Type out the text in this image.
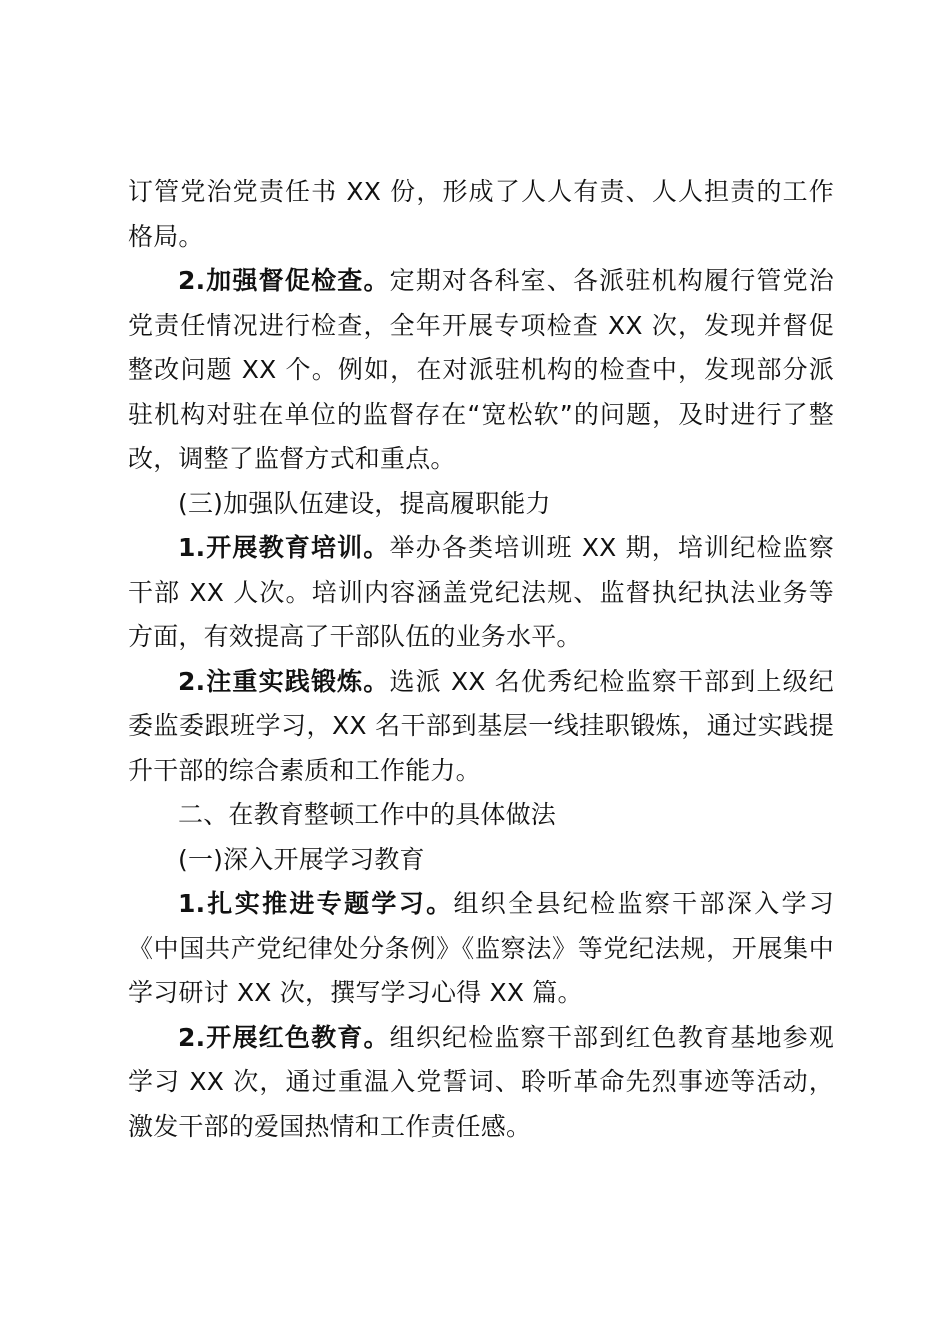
订管党治党责任书 XX 份，形成了人人有责、人人担责的工作格局。

2.加强督促检查。定期对各科室、各派驻机构履行管党治党责任情况进行检查，全年开展专项检查 XX 次，发现并督促整改问题 XX 个。例如，在对派驻机构的检查中，发现部分派驻机构对驻在单位的监督存在“宽松软”的问题，及时进行了整改，调整了监督方式和重点。

(三)加强队伍建设，提高履职能力

1.开展教育培训。举办各类培训班 XX 期，培训纪检监察干部 XX 人次。培训内容涵盖党纪法规、监督执纪执法业务等方面，有效提高了干部队伍的业务水平。

2.注重实践锻炼。选派 XX 名优秀纪检监察干部到上级纪委监委跟班学习，XX 名干部到基层一线挂职锻炼，通过实践提升干部的综合素质和工作能力。

二、在教育整顿工作中的具体做法

(一)深入开展学习教育

1.扎实推进专题学习。组织全县纪检监察干部深入学习《中国共产党纪律处分条例》《监察法》等党纪法规，开展集中学习研讨 XX 次，撰写学习心得 XX 篇。

2.开展红色教育。组织纪检监察干部到红色教育基地参观学习 XX 次，通过重温入党誓词、聆听革命先烈事迹等活动，激发干部的爱国热情和工作责任感。
